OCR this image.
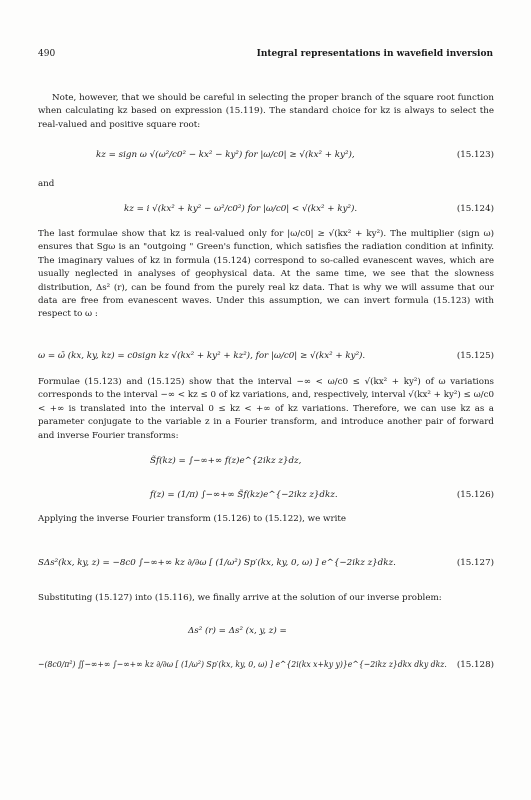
490	Integral representations in wavefield inversion

Note, however, that we should be careful in selecting the proper branch of the square root function when calculating kz based on expression (15.119). The standard choice for kz is always to select the real-valued and positive square root:

kz = sign ω √(ω²/c0² − kx² − ky²) for |ω/c0| ≥ √(kx² + ky²),	(15.123)
and
kz = i √(kx² + ky² − ω²/c0²) for |ω/c0| < √(kx² + ky²).	(15.124)

The last formulae show that kz is real-valued only for |ω/c0| ≥ √(kx² + ky²). The multiplier (sign ω) ensures that Sgω is an "outgoing " Green's function, which satisfies the radiation condition at infinity. The imaginary values of kz in formula (15.124) correspond to so-called evanescent waves, which are usually neglected in analyses of geophysical data. At the same time, we see that the slowness distribution, Δs² (r), can be found from the purely real kz data. That is why we will assume that our data are free from evanescent waves. Under this assumption, we can invert formula (15.123) with respect to ω :

ω = ω̄ (kx, ky, kz) = c0sign kz √(kx² + ky² + kz²), for |ω/c0| ≥ √(kx² + ky²).	(15.125)

Formulae (15.123) and (15.125) show that the interval −∞ < ω/c0 ≤ √(kx² + ky²) of ω variations corresponds to the interval −∞ < kz ≤ 0 of kz variations, and, respectively, interval √(kx² + ky²) ≤ ω/c0 < +∞ is translated into the interval 0 ≤ kz < +∞ of kz variations. Therefore, we can use kz as a parameter conjugate to the variable z in a Fourier transform, and introduce another pair of forward and inverse Fourier transforms:

S̃f(kz) = ∫−∞+∞ f(z)e^{2ikz z}dz,
f(z) = (1/π) ∫−∞+∞ S̃f(kz)e^{−2ikz z}dkz.	(15.126)

Applying the inverse Fourier transform (15.126) to (15.122), we write

SΔs²(kx, ky, z) = −8c0 ∫−∞+∞ kz ∂/∂ω [ (1/ω²) Sp′(kx, ky, 0, ω) ] e^{−2ikz z}dkz.	(15.127)

Substituting (15.127) into (15.116), we finally arrive at the solution of our inverse problem:

Δs² (r) = Δs² (x, y, z) =
−(8c0/π²) ∬−∞+∞ ∫−∞+∞ kz ∂/∂ω [ (1/ω²) Sp′(kx, ky, 0, ω) ] e^{2i(kx x+ky y)}e^{−2ikz z}dkx dky dkz. (15.128)
